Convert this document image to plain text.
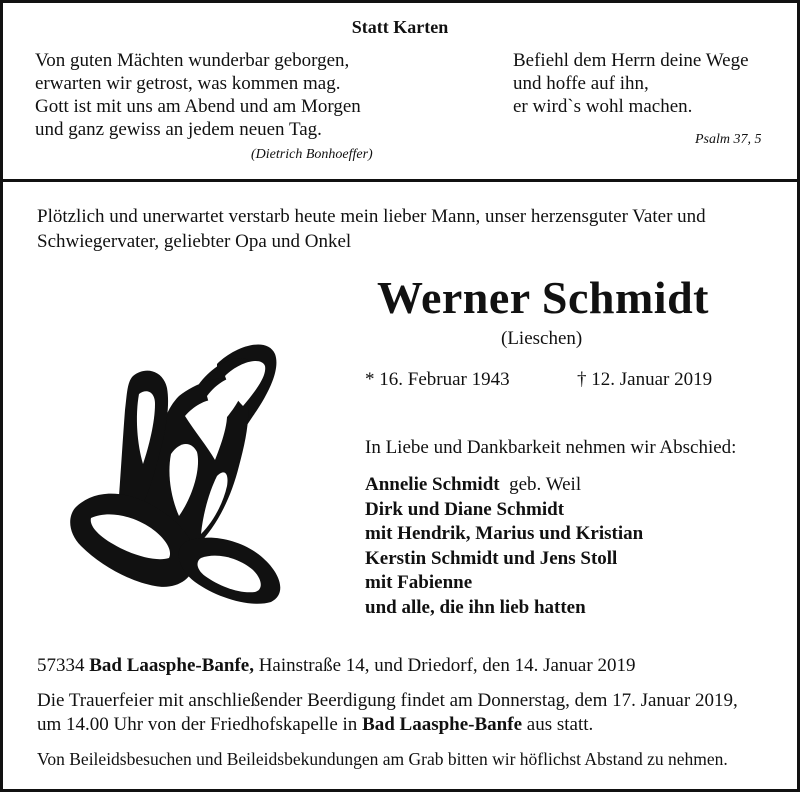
Statt Karten
Von guten Mächten wunderbar geborgen,
erwarten wir getrost, was kommen mag.
Gott ist mit uns am Abend und am Morgen
und ganz gewiss an jedem neuen Tag.
(Dietrich Bonhoeffer)
Befiehl dem Herrn deine Wege
und hoffe auf ihn,
er wird`s wohl machen.
Psalm 37, 5
Plötzlich und unerwartet verstarb heute mein lieber Mann, unser herzensguter Vater und
Schwiegervater, geliebter Opa und Onkel
Werner Schmidt
(Lieschen)
* 16. Februar 1943	† 12. Januar 2019
In Liebe und Dankbarkeit nehmen wir Abschied:
Annelie Schmidt geb. Weil
Dirk und Diane Schmidt
mit Hendrik, Marius und Kristian
Kerstin Schmidt und Jens Stoll
mit Fabienne
und alle, die ihn lieb hatten
57334 Bad Laasphe-Banfe, Hainstraße 14, und Driedorf, den 14. Januar 2019
Die Trauerfeier mit anschließender Beerdigung findet am Donnerstag, dem 17. Januar 2019,
um 14.00 Uhr von der Friedhofskapelle in Bad Laasphe-Banfe aus statt.
Von Beileidsbesuchen und Beileidsbekundungen am Grab bitten wir höflichst Abstand zu nehmen.
